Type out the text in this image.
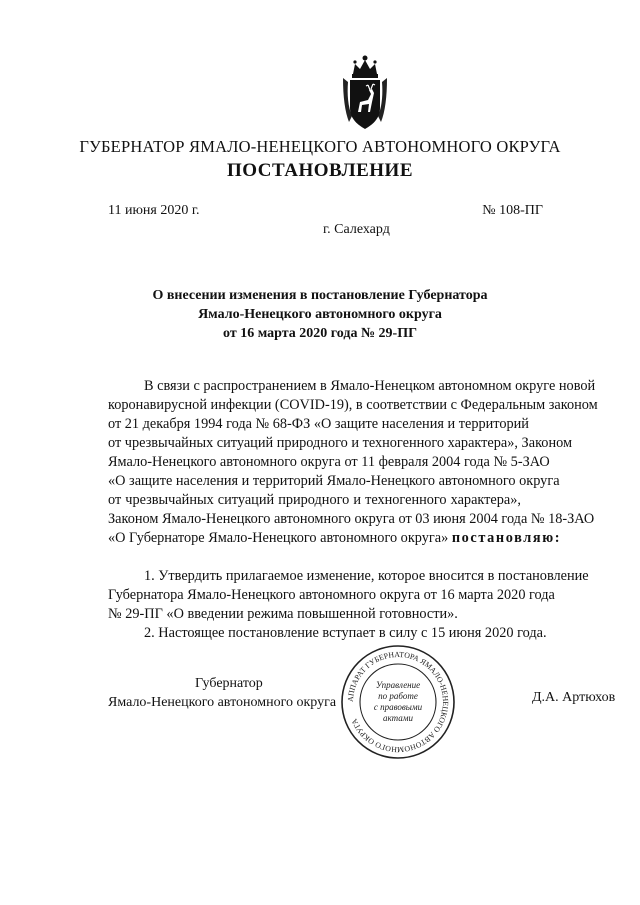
ГУБЕРНАТОР ЯМАЛО-НЕНЕЦКОГО АВТОНОМНОГО ОКРУГА
ПОСТАНОВЛЕНИЕ
11 июня 2020 г.	№ 108-ПГ
г. Салехард
О внесении изменения в постановление Губернатора
Ямало-Ненецкого автономного округа
от 16 марта 2020 года № 29-ПГ
В связи с распространением в Ямало-Ненецком автономном округе новой
коронавирусной инфекции (COVID-19), в соответствии с Федеральным законом
от 21 декабря 1994 года № 68-ФЗ «О защите населения и территорий
от чрезвычайных ситуаций природного и техногенного характера», Законом
Ямало-Ненецкого автономного округа от 11 февраля 2004 года № 5-ЗАО
«О защите населения и территорий Ямало-Ненецкого автономного округа
от чрезвычайных ситуаций природного и техногенного характера»,
Законом Ямало-Ненецкого автономного округа от 03 июня 2004 года № 18-ЗАО
«О Губернаторе Ямало-Ненецкого автономного округа» постановляю:
1. Утвердить прилагаемое изменение, которое вносится в постановление
Губернатора Ямало-Ненецкого автономного округа от 16 марта 2020 года
№ 29-ПГ «О введении режима повышенной готовности».
2. Настоящее постановление вступает в силу с 15 июня 2020 года.
Губернатор
Ямало-Ненецкого автономного округа	Д.А. Артюхов
АППАРАТ ГУБЕРНАТОРА ЯМАЛО-НЕНЕЦКОГО АВТОНОМНОГО ОКРУГА
Управление
по работе
с правовыми
актами
